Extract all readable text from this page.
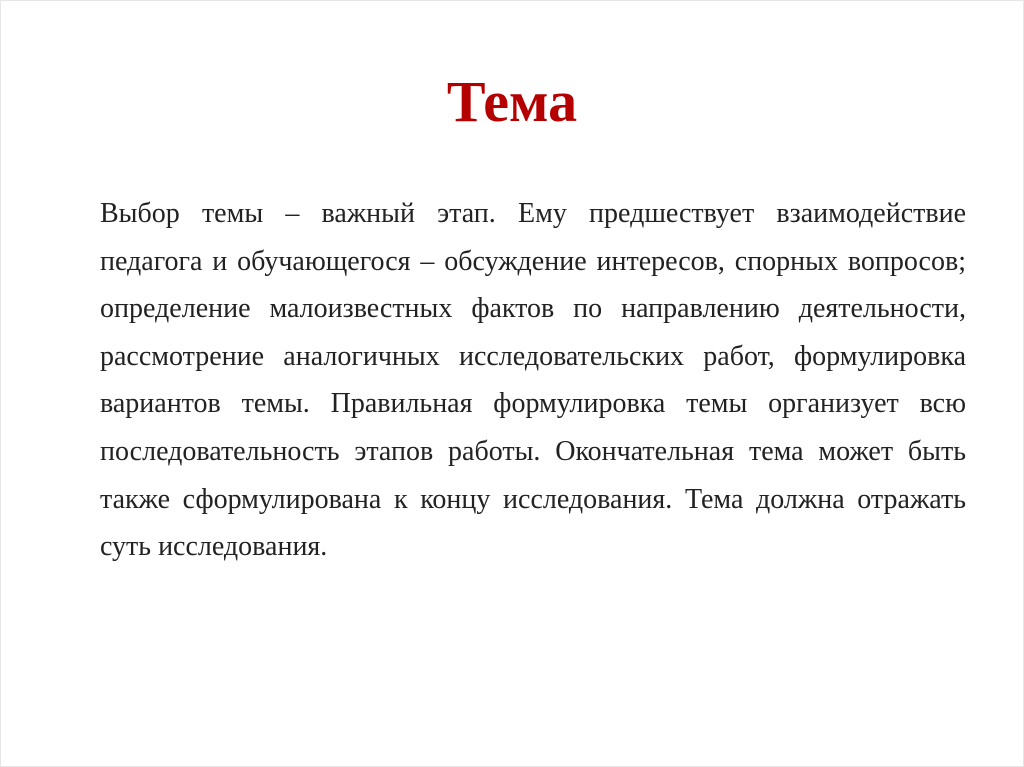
Тема

Выбор темы – важный этап. Ему предшествует взаимодействие педагога и обучающегося – обсуждение интересов, спорных вопросов; определение малоизвестных фактов по направлению деятельности, рассмотрение аналогичных исследовательских работ, формулировка вариантов темы. Правильная формулировка темы организует всю последовательность этапов работы. Окончательная тема может быть также сформулирована к концу исследования. Тема должна отражать суть исследования.
